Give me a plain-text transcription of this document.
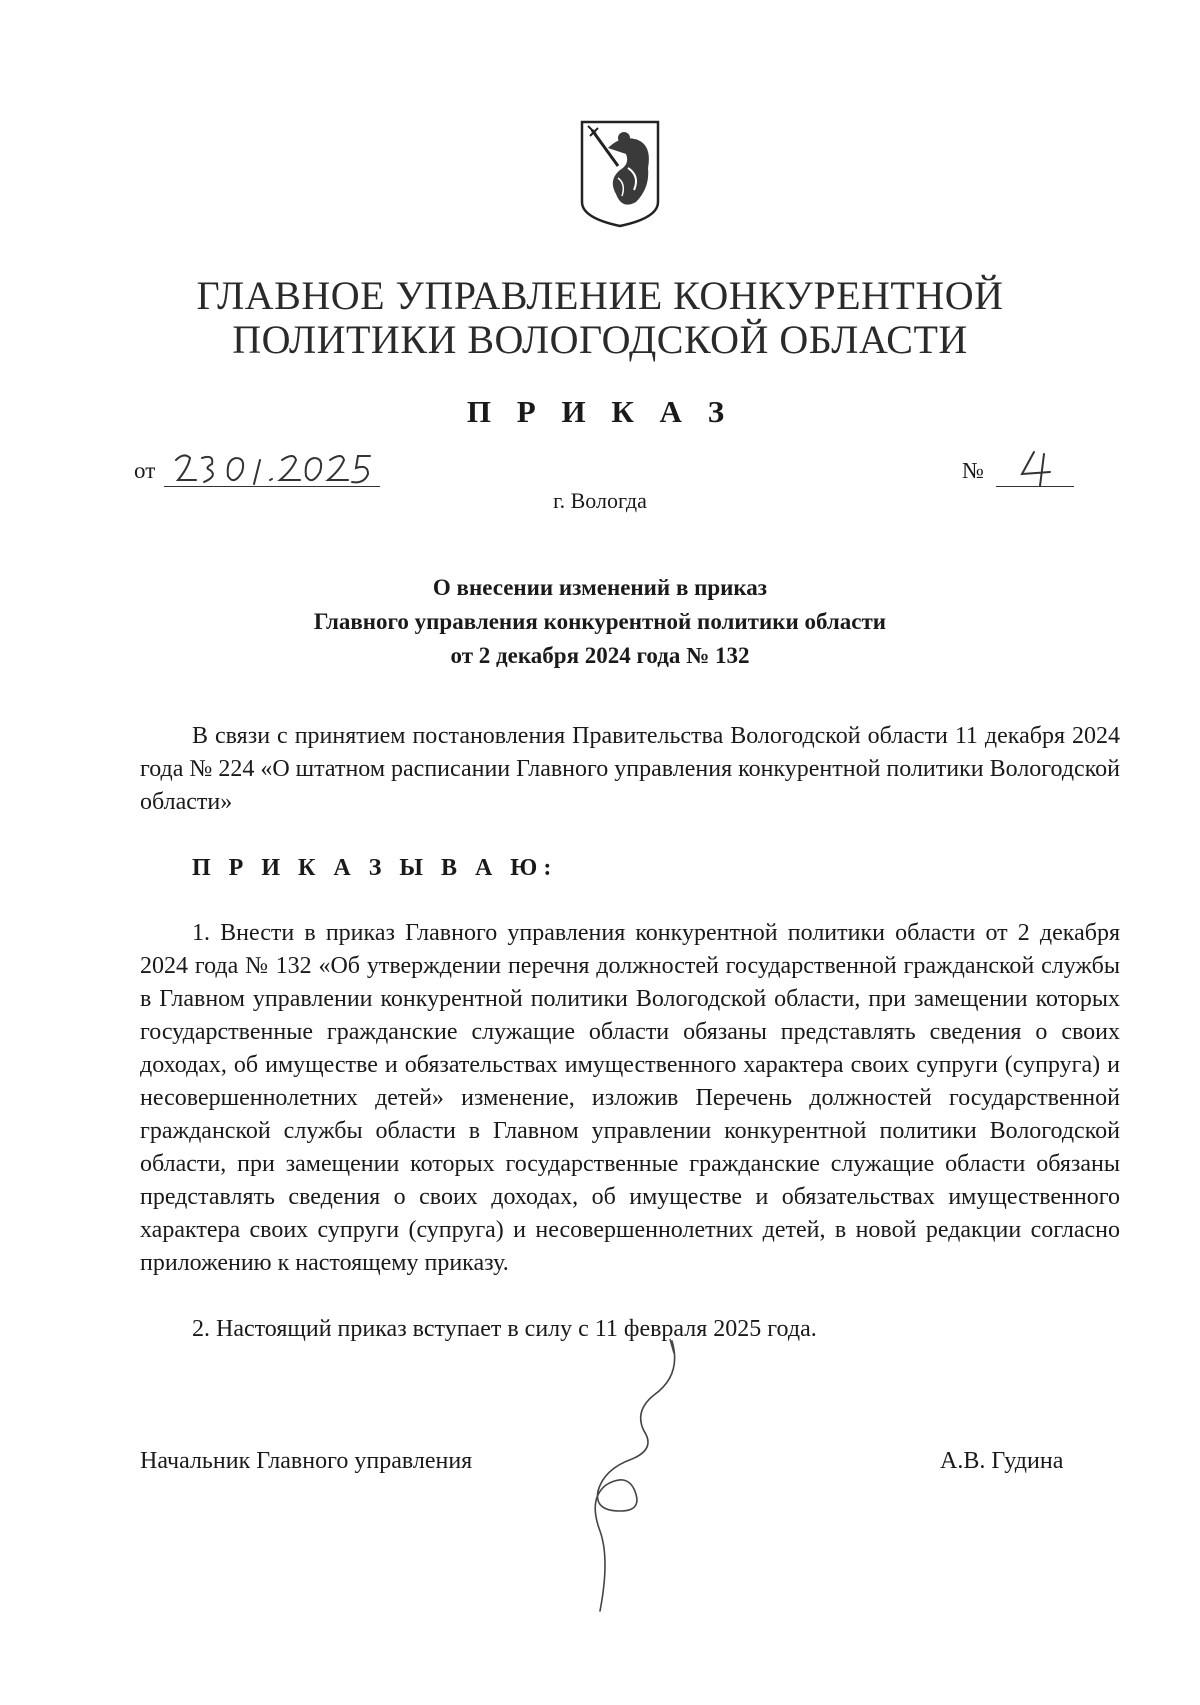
ГЛАВНОЕ УПРАВЛЕНИЕ КОНКУРЕНТНОЙ
ПОЛИТИКИ ВОЛОГОДСКОЙ ОБЛАСТИ
П Р И К А З
от	№
г. Вологда
О внесении изменений в приказ
Главного управления конкурентной политики области
от 2 декабря 2024 года № 132
В связи с принятием постановления Правительства Вологодской области 11 декабря 2024 года № 224 «О штатном расписании Главного управления конкурентной политики Вологодской области»
П Р И К А З Ы В А Ю:
1. Внести в приказ Главного управления конкурентной политики области от 2 декабря 2024 года № 132 «Об утверждении перечня должностей государственной гражданской службы в Главном управлении конкурентной политики Вологодской области, при замещении которых государственные гражданские служащие области обязаны представлять сведения о своих доходах, об имуществе и обязательствах имущественного характера своих супруги (супруга) и несовершеннолетних детей» изменение, изложив Перечень должностей государственной гражданской службы области в Главном управлении конкурентной политики Вологодской области, при замещении которых государственные гражданские служащие области обязаны представлять сведения о своих доходах, об имуществе и обязательствах имущественного характера своих супруги (супруга) и несовершеннолетних детей, в новой редакции согласно приложению к настоящему приказу.
2. Настоящий приказ вступает в силу с 11 февраля 2025 года.
Начальник Главного управления	А.В. Гудина
